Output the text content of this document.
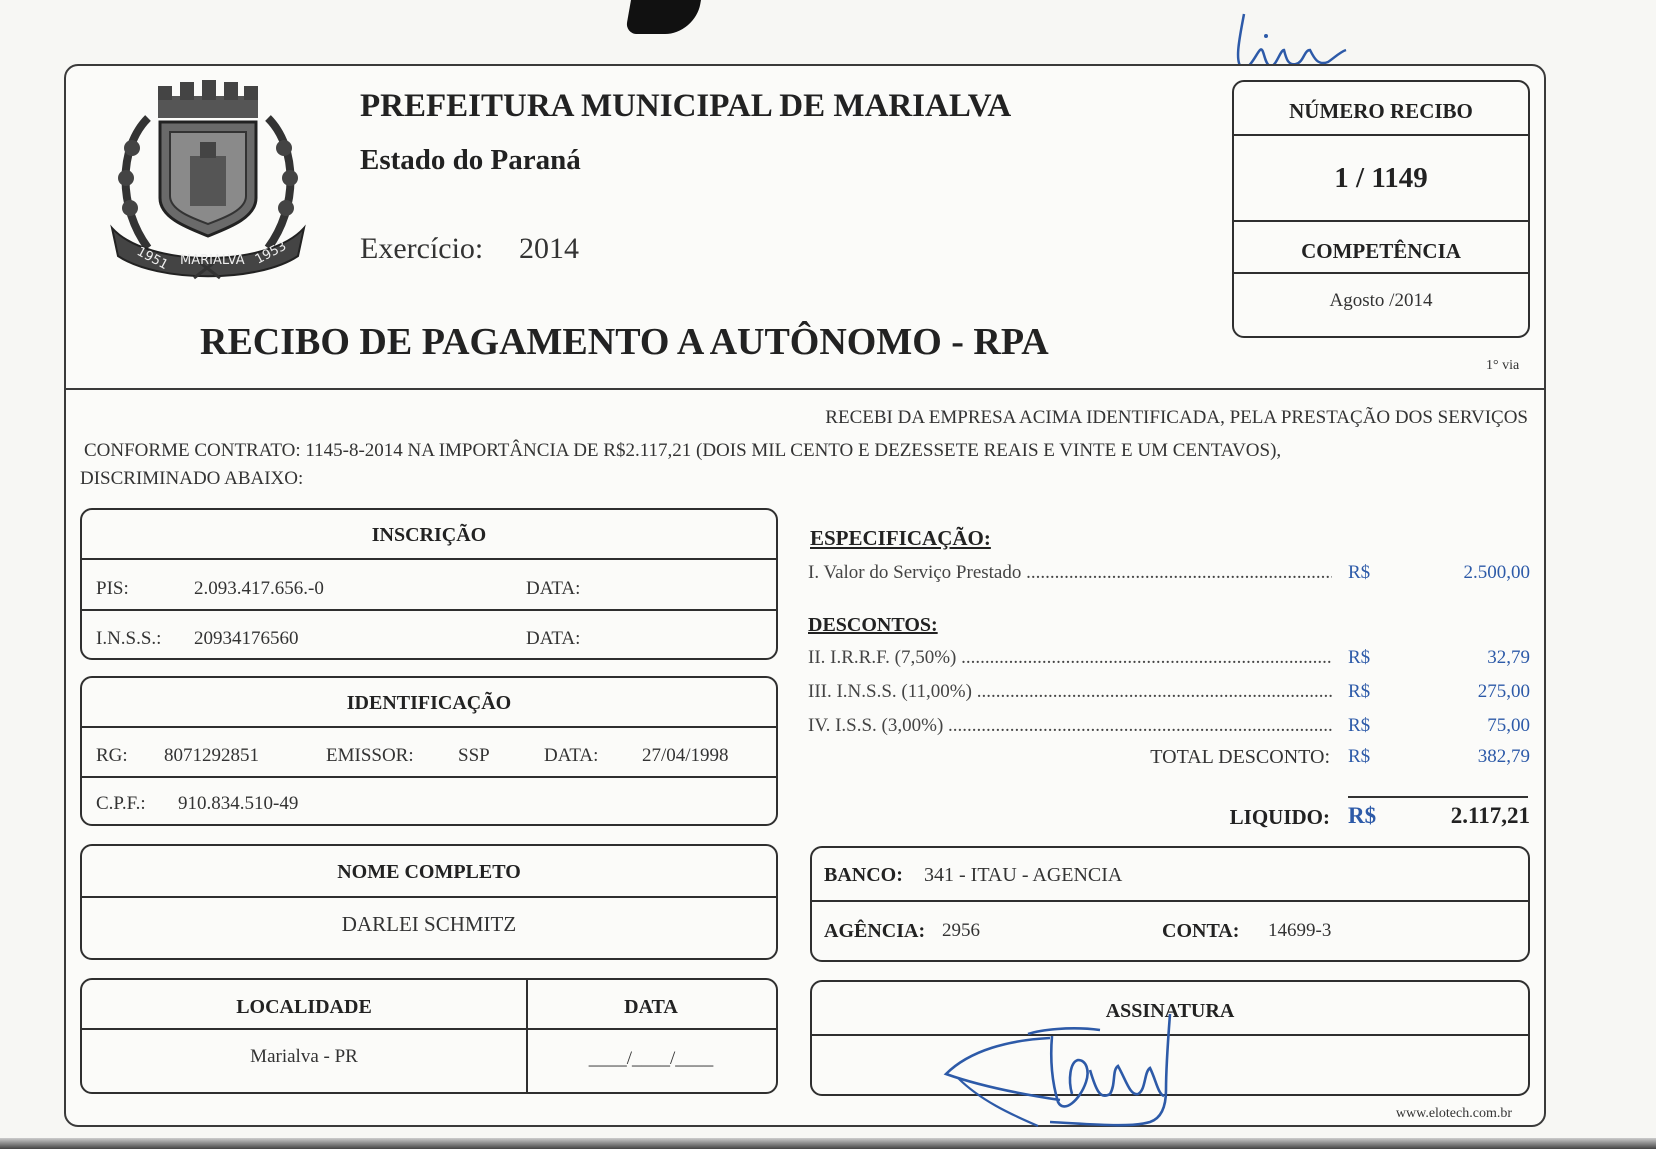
1951 MARIALVA 1953
PREFEITURA MUNICIPAL DE MARIALVA
Estado do Paraná
Exercício: 2014
RECIBO DE PAGAMENTO A AUTÔNOMO - RPA
NÚMERO RECIBO
1 / 1149
COMPETÊNCIA
Agosto /2014
1° via
RECEBI DA EMPRESA ACIMA IDENTIFICADA, PELA PRESTAÇÃO DOS SERVIÇOS
CONFORME CONTRATO: 1145-8-2014 NA IMPORTÂNCIA DE R$2.117,21 (DOIS MIL CENTO E DEZESSETE REAIS E VINTE E UM CENTAVOS),
DISCRIMINADO ABAIXO:
INSCRIÇÃO
PIS:	2.093.417.656.-0	DATA:
I.N.S.S.: 20934176560	DATA:
IDENTIFICAÇÃO
RG: 8071292851	EMISSOR: SSP	DATA: 27/04/1998
C.P.F.: 910.834.510-49
NOME COMPLETO
DARLEI SCHMITZ
LOCALIDADE
Marialva - PR
DATA
____/____/____
ESPECIFICAÇÃO:
I. Valor do Serviço Prestado .....	R$	2.500,00
DESCONTOS:
II. I.R.R.F. (7,50%) .....	R$	32,79
III. I.N.S.S. (11,00%) .....	R$	275,00
IV. I.S.S. (3,00%) .....	R$	75,00
TOTAL DESCONTO: R$	382,79
LIQUIDO: R$	2.117,21
BANCO: 341 - ITAU - AGENCIA
AGÊNCIA: 2956	CONTA: 14699-3
ASSINATURA
www.elotech.com.br
